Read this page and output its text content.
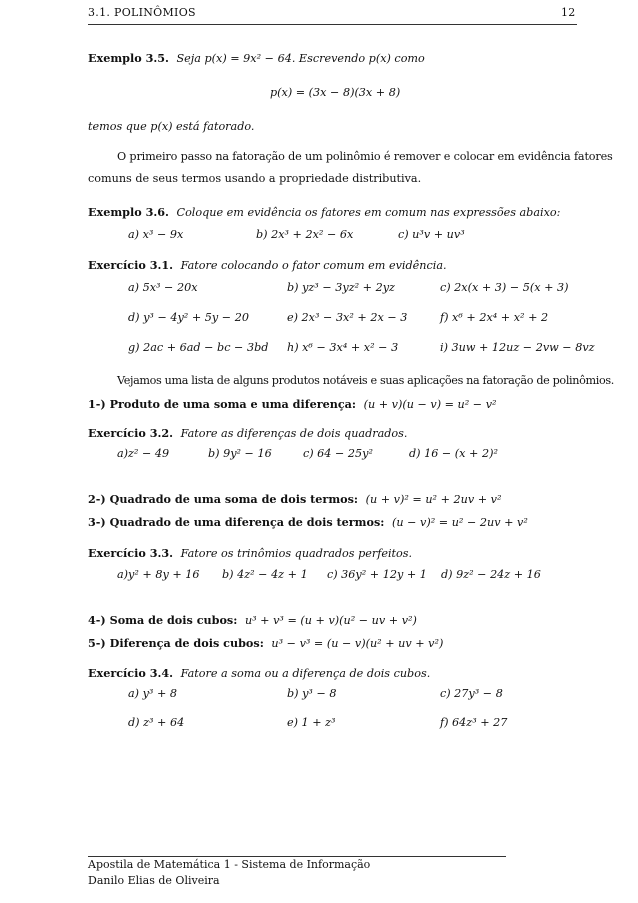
3.1. POLINÔMIOS	12
Exemplo 3.5. Seja p(x) = 9x² − 64. Escrevendo p(x) como
p(x) = (3x − 8)(3x + 8)
temos que p(x) está fatorado.
O primeiro passo na fatoração de um polinômio é remover e colocar em evidência fatores
comuns de seus termos usando a propriedade distributiva.
Exemplo 3.6. Coloque em evidência os fatores em comum nas expressões abaixo:
a) x³ − 9x	b) 2x³ + 2x² − 6x	c) u³v + uv³
Exercício 3.1. Fatore colocando o fator comum em evidência.
a) 5x³ − 20x	b) yz³ − 3yz² + 2yz	c) 2x(x + 3) − 5(x + 3)
d) y³ − 4y² + 5y − 20	e) 2x³ − 3x² + 2x − 3	f) x⁶ + 2x⁴ + x² + 2
g) 2ac + 6ad − bc − 3bd h) x⁶ − 3x⁴ + x² − 3	i) 3uw + 12uz − 2vw − 8vz
Vejamos uma lista de alguns produtos notáveis e suas aplicações na fatoração de polinômios.
1-) Produto de uma soma e uma diferença: (u + v)(u − v) = u² − v²
Exercício 3.2. Fatore as diferenças de dois quadrados.
a)z² − 49	b) 9y² − 16	c) 64 − 25y²	d) 16 − (x + 2)²
2-) Quadrado de uma soma de dois termos: (u + v)² = u² + 2uv + v²
3-) Quadrado de uma diferença de dois termos: (u − v)² = u² − 2uv + v²
Exercício 3.3. Fatore os trinômios quadrados perfeitos.
a)y² + 8y + 16 b) 4z² − 4z + 1 c) 36y² + 12y + 1 d) 9z² − 24z + 16
4-) Soma de dois cubos: u³ + v³ = (u + v)(u² − uv + v²)
5-) Diferença de dois cubos: u³ − v³ = (u − v)(u² + uv + v²)
Exercício 3.4. Fatore a soma ou a diferença de dois cubos.
a) y³ + 8	b) y³ − 8	c) 27y³ − 8
d) z³ + 64	e) 1 + z³	f) 64z³ + 27
Apostila de Matemática 1 - Sistema de Informação
Danilo Elias de Oliveira
